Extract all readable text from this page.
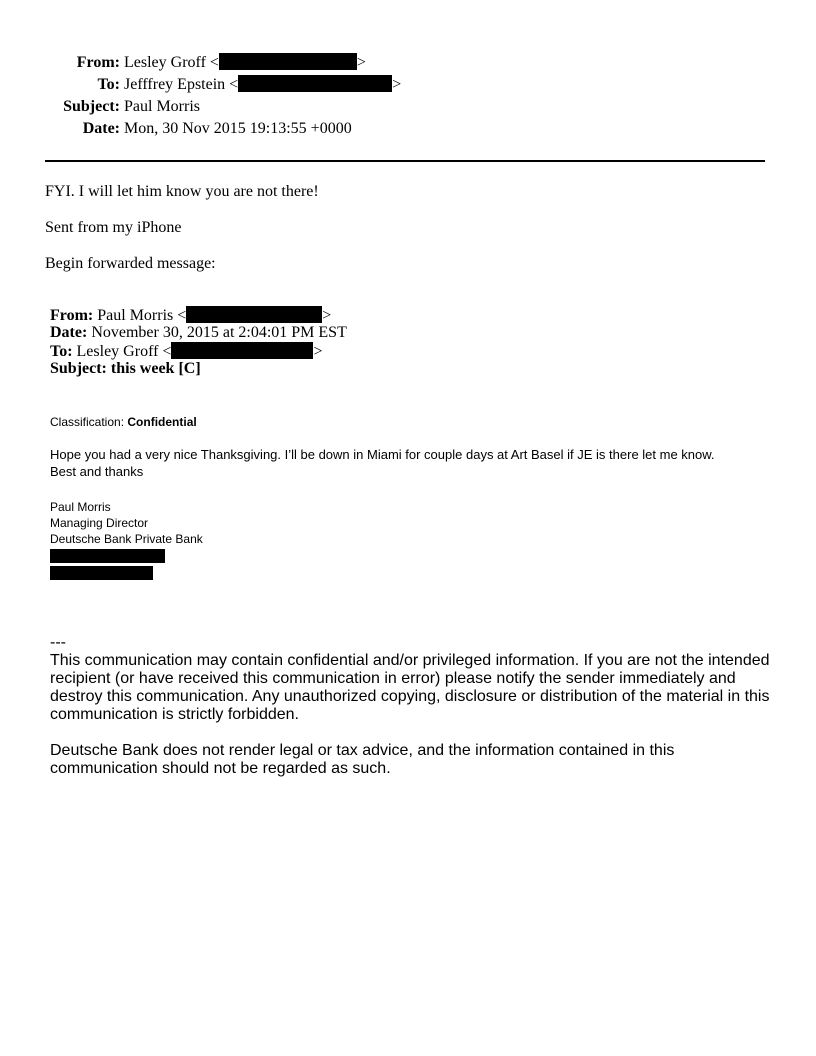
From: Lesley Groff <	>
To: Jefffrey Epstein <	>
Subject: Paul Morris
Date: Mon, 30 Nov 2015 19:13:55 +0000
FYI. I will let him know you are not there!
Sent from my iPhone
Begin forwarded message:
From: Paul Morris <	>
Date: November 30, 2015 at 2:04:01 PM EST
To: Lesley Groff <	>
Subject: this week [C]
Classification: Confidential
Hope you had a very nice Thanksgiving. I’ll be down in Miami for couple days at Art Basel if JE is there let me know.
Best and thanks
Paul Morris
Managing Director
Deutsche Bank Private Bank
---

This communication may contain confidential and/or privileged information. If you are not the intended recipient (or have received this communication in error) please notify the sender immediately and destroy this communication. Any unauthorized copying, disclosure or distribution of the material in this communication is strictly forbidden.

Deutsche Bank does not render legal or tax advice, and the information contained in this communication should not be regarded as such.
